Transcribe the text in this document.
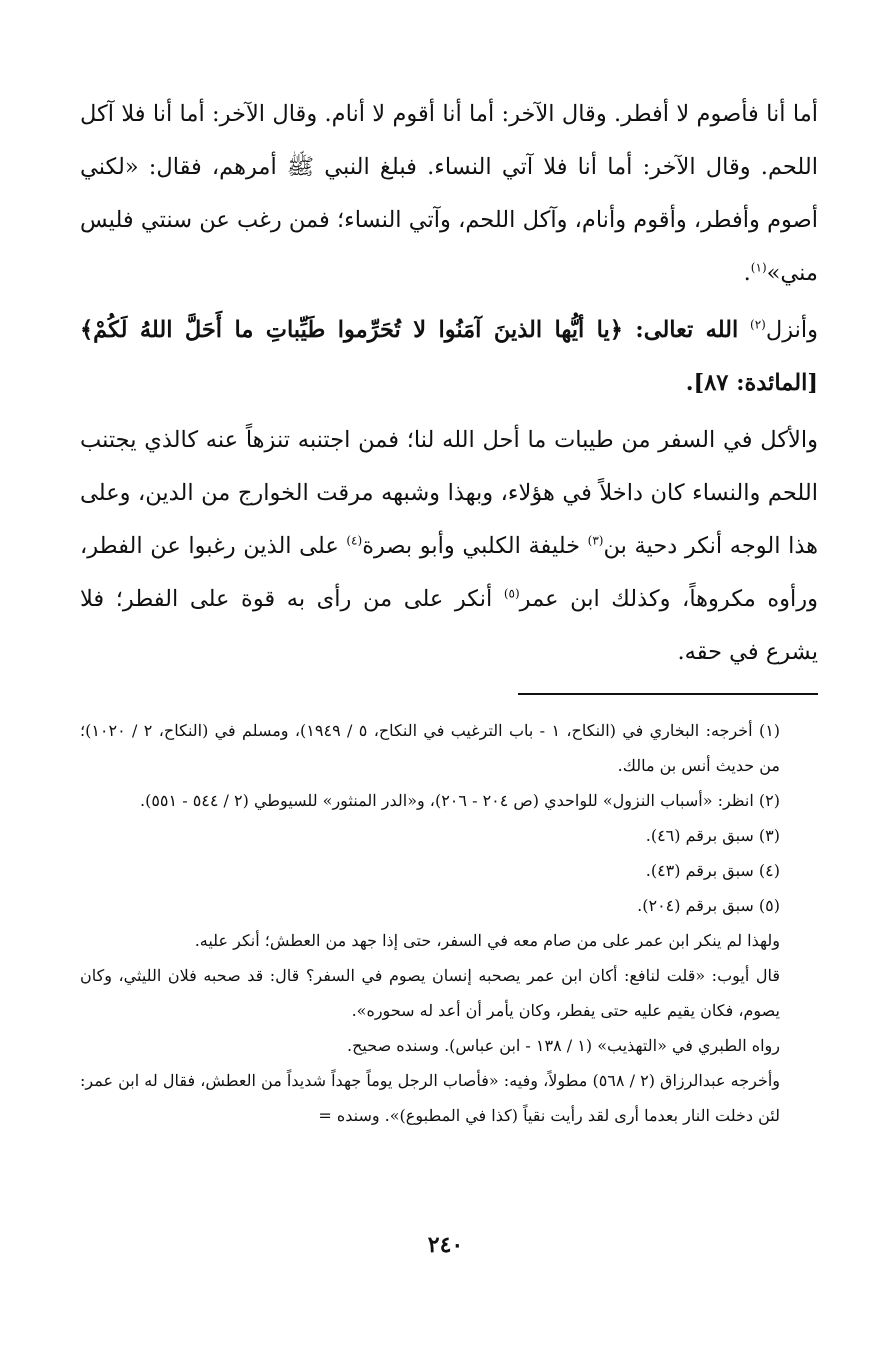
أما أنا فأصوم لا أفطر. وقال الآخر: أما أنا أقوم لا أنام. وقال الآخر: أما أنا فلا آكل اللحم. وقال الآخر: أما أنا فلا آتي النساء. فبلغ النبي ﷺ أمرهم، فقال: «لكني أصوم وأفطر، وأقوم وأنام، وآكل اللحم، وآتي النساء؛ فمن رغب عن سنتي فليس مني»$^{(١)}$.

وأنزل$^{(٢)}$ الله تعالى: ﴿يا أيُّها الذينَ آمَنُوا لا تُحَرِّموا طَيِّباتِ ما أَحَلَّ اللهُ لَكُمْ﴾ [المائدة: ٨٧].

والأكل في السفر من طيبات ما أحل الله لنا؛ فمن اجتنبه تنزهاً عنه كالذي يجتنب اللحم والنساء كان داخلاً في هؤلاء، وبهذا وشبهه مرقت الخوارج من الدين، وعلى هذا الوجه أنكر دحية بن$^{(٣)}$ خليفة الكلبي وأبو بصرة$^{(٤)}$ على الذين رغبوا عن الفطر، ورأوه مكروهاً، وكذلك ابن عمر$^{(٥)}$ أنكر على من رأى به قوة على الفطر؛ فلا يشرع في حقه.

(١) أخرجه: البخاري في (النكاح، ١ - باب الترغيب في النكاح، ٥ / ١٩٤٩)، ومسلم في (النكاح، ٢ / ١٠٢٠)؛ من حديث أنس بن مالك.

(٢) انظر: «أسباب النزول» للواحدي (ص ٢٠٤ - ٢٠٦)، و«الدر المنثور» للسيوطي (٢ / ٥٤٤ - ٥٥١).

(٣) سبق برقم (٤٦).

(٤) سبق برقم (٤٣).

(٥) سبق برقم (٢٠٤).

ولهذا لم ينكر ابن عمر على من صام معه في السفر، حتى إذا جهد من العطش؛ أنكر عليه.

قال أيوب: «قلت لنافع: أكان ابن عمر يصحبه إنسان يصوم في السفر؟ قال: قد صحبه فلان الليثي، وكان يصوم، فكان يقيم عليه حتى يفطر، وكان يأمر أن أعد له سحوره».

رواه الطبري في «التهذيب» (١ / ١٣٨ - ابن عباس). وسنده صحيح.

وأخرجه عبدالرزاق (٢ / ٥٦٨) مطولاً، وفيه: «فأصاب الرجل يوماً جهداً شديداً من العطش، فقال له ابن عمر: لئن دخلت النار بعدما أرى لقد رأيت نقياً (كذا في المطبوع)». وسنده =

٢٤٠
